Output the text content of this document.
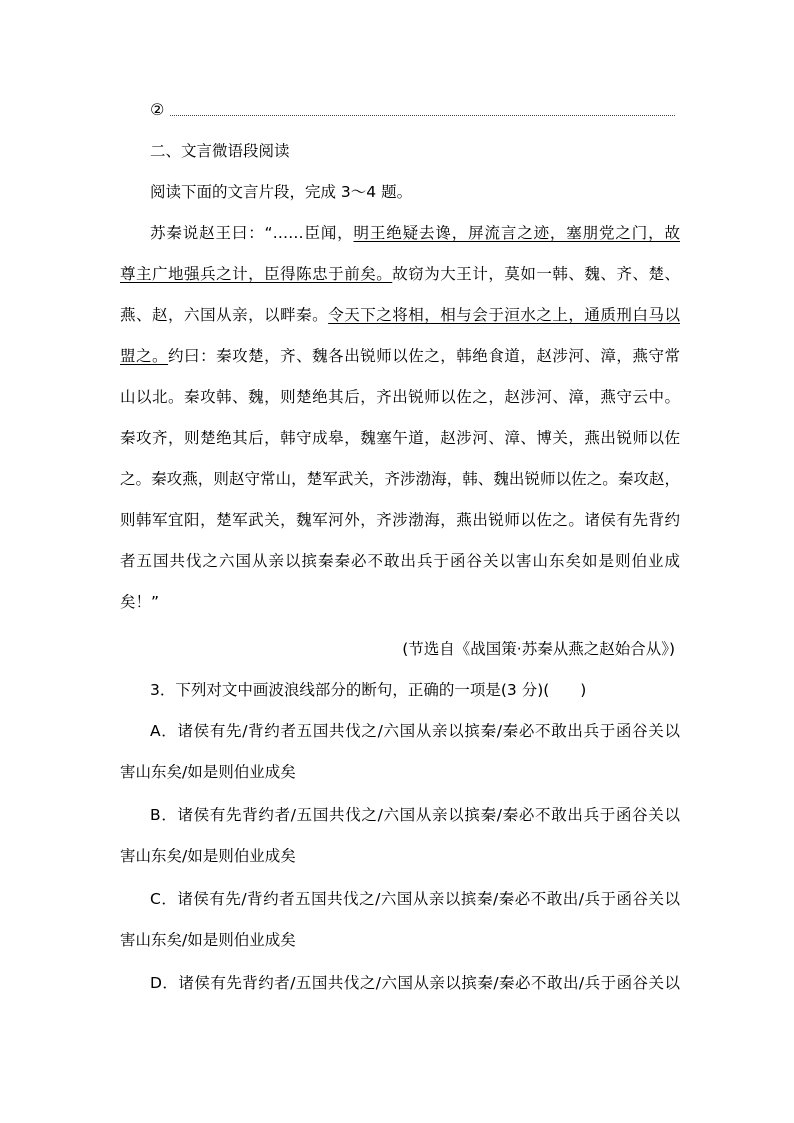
②
二、文言微语段阅读
阅读下面的文言片段，完成 3～4 题。
苏秦说赵王曰：“……臣闻，明王绝疑去谗，屏流言之迹，塞朋党之门，故
尊主广地强兵之计，臣得陈忠于前矣。故窃为大王计，莫如一韩、魏、齐、楚、
燕、赵，六国从亲，以畔秦。令天下之将相，相与会于洹水之上，通质刑白马以
盟之。约曰：秦攻楚，齐、魏各出锐师以佐之，韩绝食道，赵涉河、漳，燕守常
山以北。秦攻韩、魏，则楚绝其后，齐出锐师以佐之，赵涉河、漳，燕守云中。
秦攻齐，则楚绝其后，韩守成皋，魏塞午道，赵涉河、漳、博关，燕出锐师以佐
之。秦攻燕，则赵守常山，楚军武关，齐涉渤海，韩、魏出锐师以佐之。秦攻赵，
则韩军宜阳，楚军武关，魏军河外，齐涉渤海，燕出锐师以佐之。诸侯有先背约
者五国共伐之六国从亲以摈秦秦必不敢出兵于函谷关以害山东矣如是则伯业成
矣！”
(节选自《战国策·苏秦从燕之赵始合从》)
3．下列对文中画波浪线部分的断句，正确的一项是(3 分)(　　)
A．诸侯有先/背约者五国共伐之/六国从亲以摈秦/秦必不敢出兵于函谷关以
害山东矣/如是则伯业成矣
B．诸侯有先背约者/五国共伐之/六国从亲以摈秦/秦必不敢出兵于函谷关以
害山东矣/如是则伯业成矣
C．诸侯有先/背约者五国共伐之/六国从亲以摈秦/秦必不敢出/兵于函谷关以
害山东矣/如是则伯业成矣
D．诸侯有先背约者/五国共伐之/六国从亲以摈秦/秦必不敢出/兵于函谷关以
